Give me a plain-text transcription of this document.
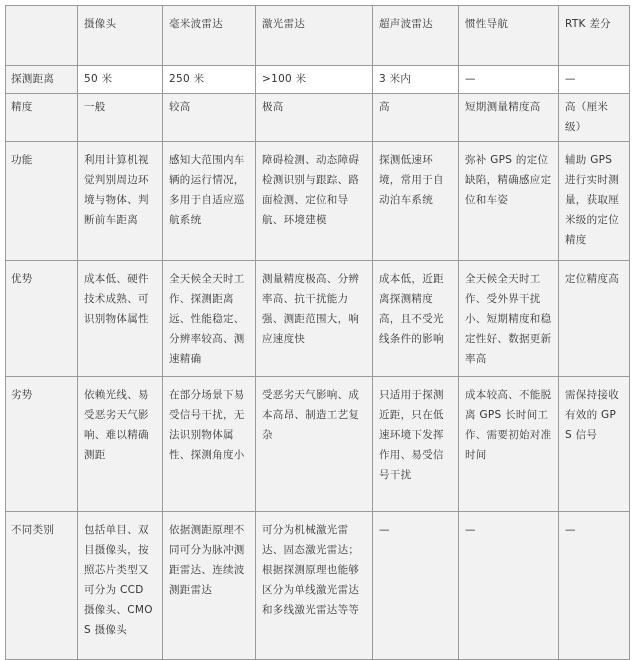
	摄像头	毫米波雷达	激光雷达	超声波雷达	惯性导航	RTK 差分
探测距离	50 米	250 米	>100 米	3 米内	—	—
精度	一般	较高	极高	高	短期测量精度高	高（厘米级）
功能	利用计算机视觉判别周边环境与物体、判断前车距离	感知大范围内车辆的运行情况，多用于自适应巡航系统	障碍检测、动态障碍检测识别与跟踪、路面检测、定位和导航、环境建模	探测低速环境，常用于自动泊车系统	弥补 GPS 的定位缺陷，精确感应定位和车姿	辅助 GPS 进行实时测量，获取厘米级的定位精度
优势	成本低、硬件技术成熟、可识别物体属性	全天候全天时工作、探测距离远、性能稳定、分辨率较高、测速精确	测量精度极高、分辨率高、抗干扰能力强、测距范围大，响应速度快	成本低，近距离探测精度高，且不受光线条件的影响	全天候全天时工作、受外界干扰小、短期精度和稳定性好、数据更新率高	定位精度高
劣势	依赖光线、易受恶劣天气影响、难以精确测距	在部分场景下易受信号干扰，无法识别物体属性、探测角度小	受恶劣天气影响、成本高昂、制造工艺复杂	只适用于探测近距，只在低速环境下发挥作用、易受信号干扰	成本较高、不能脱离 GPS 长时间工作、需要初始对准时间	需保持接收有效的 GPS 信号
不同类别	包括单目、双目摄像头，按照芯片类型又可分为 CCD 摄像头、CMOS 摄像头	依据测距原理不同可分为脉冲测距雷达、连续波测距雷达	可分为机械激光雷达、固态激光雷达；根据探测原理也能够区分为单线激光雷达和多线激光雷达等等	—	—	—
